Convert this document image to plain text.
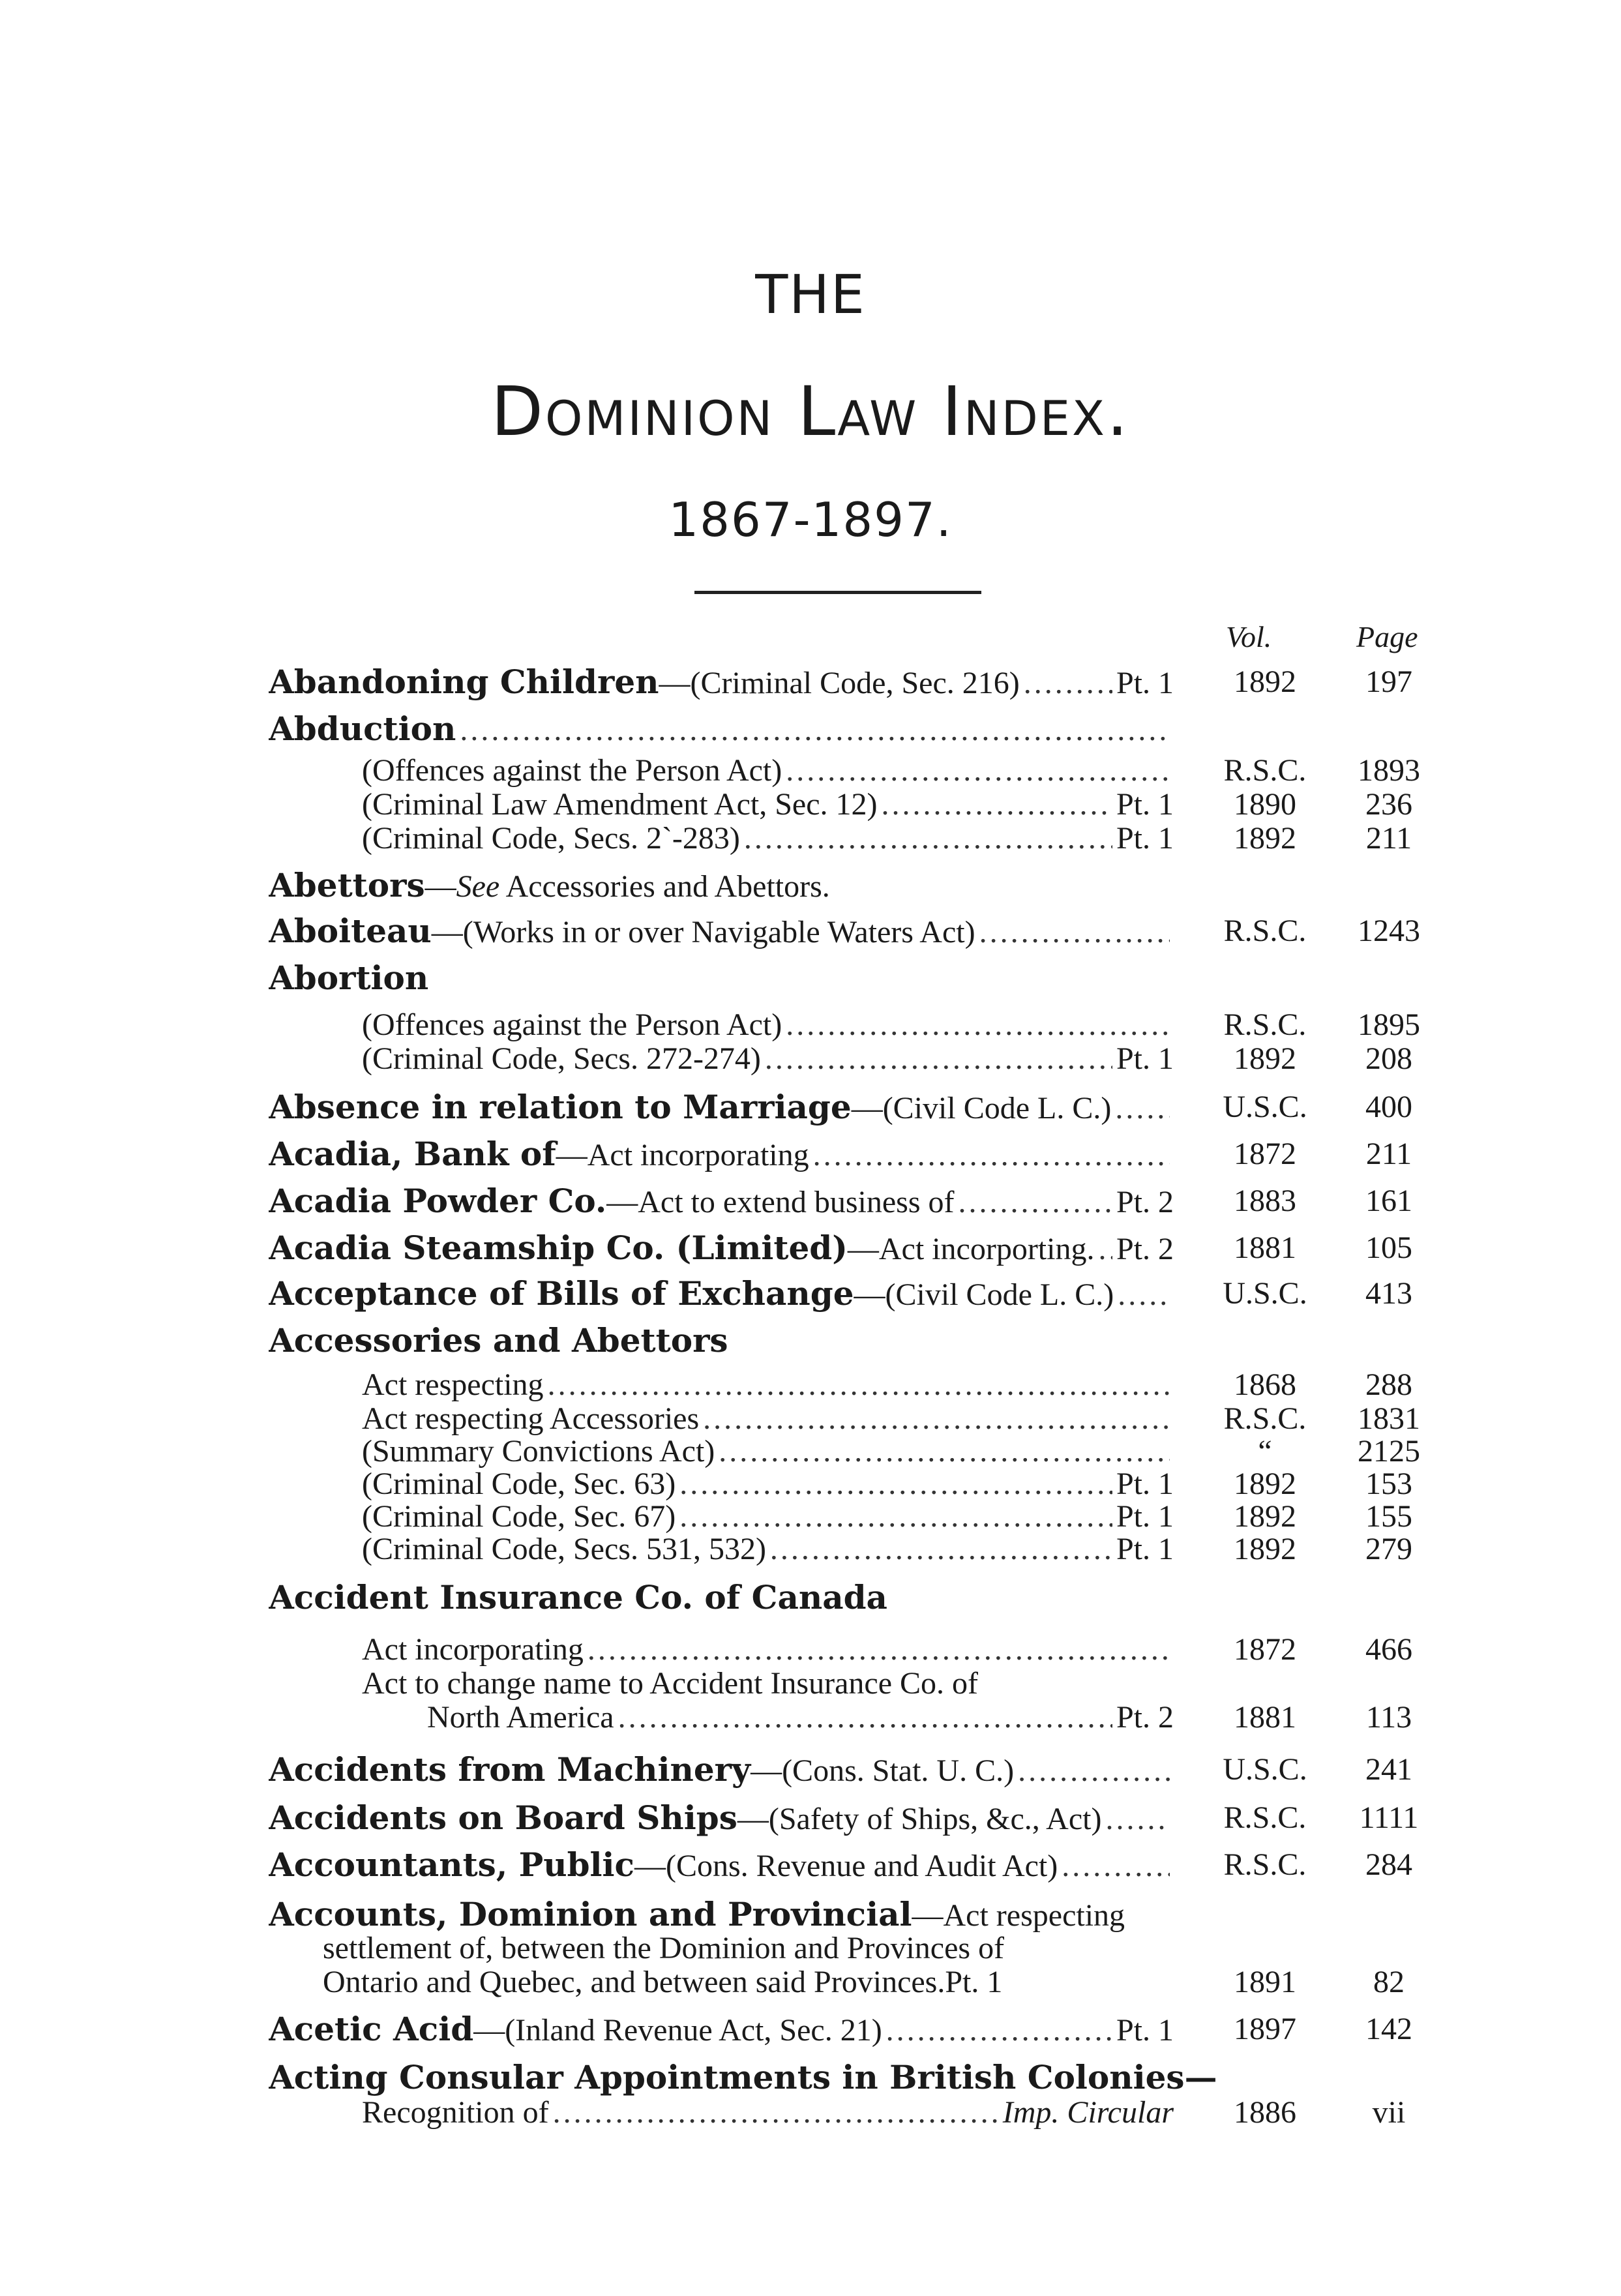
THE
Dominion Law Index.
1867-1897.
Vol.	Page
Abandoning Children —(Criminal Code, Sec. 216) .....	Pt. 1	1892	197
Abduction
.....
(Offences against the Person Act) .....	R.S.C.	1893
(Criminal Law Amendment Act, Sec. 12) .....	Pt. 1	1890	236
(Criminal Code, Secs. 2`-283) .....	Pt. 1	1892	211
Abettors—See Accessories and Abettors.
Aboiteau —(Works in or over Navigable Waters Act) .....	R.S.C.	1243
Abortion
(Offences against the Person Act) .....	R.S.C.	1895
(Criminal Code, Secs. 272-274) .....	Pt. 1	1892	208
Absence in relation to Marriage —(Civil Code L. C.) .....	U.S.C.	400
Acadia, Bank of —Act incorporating .....	1872	211
Acadia Powder Co. —Act to extend business of .....	Pt. 2	1883	161
Acadia Steamship Co. (Limited) —Act incorporting. ..... Pt. 2	1881	105
Acceptance of Bills of Exchange —(Civil Code L. C.) .....	U.S.C.	413
Accessories and Abettors
Act respecting .....	1868	288
Act respecting Accessories .....	R.S.C.	1831
(Summary Convictions Act) .....	“	2125
(Criminal Code, Sec. 63) .....	Pt. 1	1892	153
(Criminal Code, Sec. 67) .....	Pt. 1	1892	155
(Criminal Code, Secs. 531, 532) .....	Pt. 1	1892	279
Accident Insurance Co. of Canada
Act incorporating .....	1872	466
Act to change name to Accident Insurance Co. of
North America .....	Pt. 2	1881	113
Accidents from Machinery —(Cons. Stat. U. C.) .....	U.S.C.	241
Accidents on Board Ships —(Safety of Ships, &c., Act) .....	R.S.C.	1111
Accountants, Public —(Cons. Revenue and Audit Act) .....	R.S.C.	284
Accounts, Dominion and Provincial—Act respecting
settlement of, between the Dominion and Provinces of
Ontario and Quebec, and between said Provinces.Pt. 1	1891	82
Acetic Acid —(Inland Revenue Act, Sec. 21) .....	Pt. 1	1897	142
Acting Consular Appointments in British Colonies—
Recognition of .....	Imp. Circular	1886	vii
